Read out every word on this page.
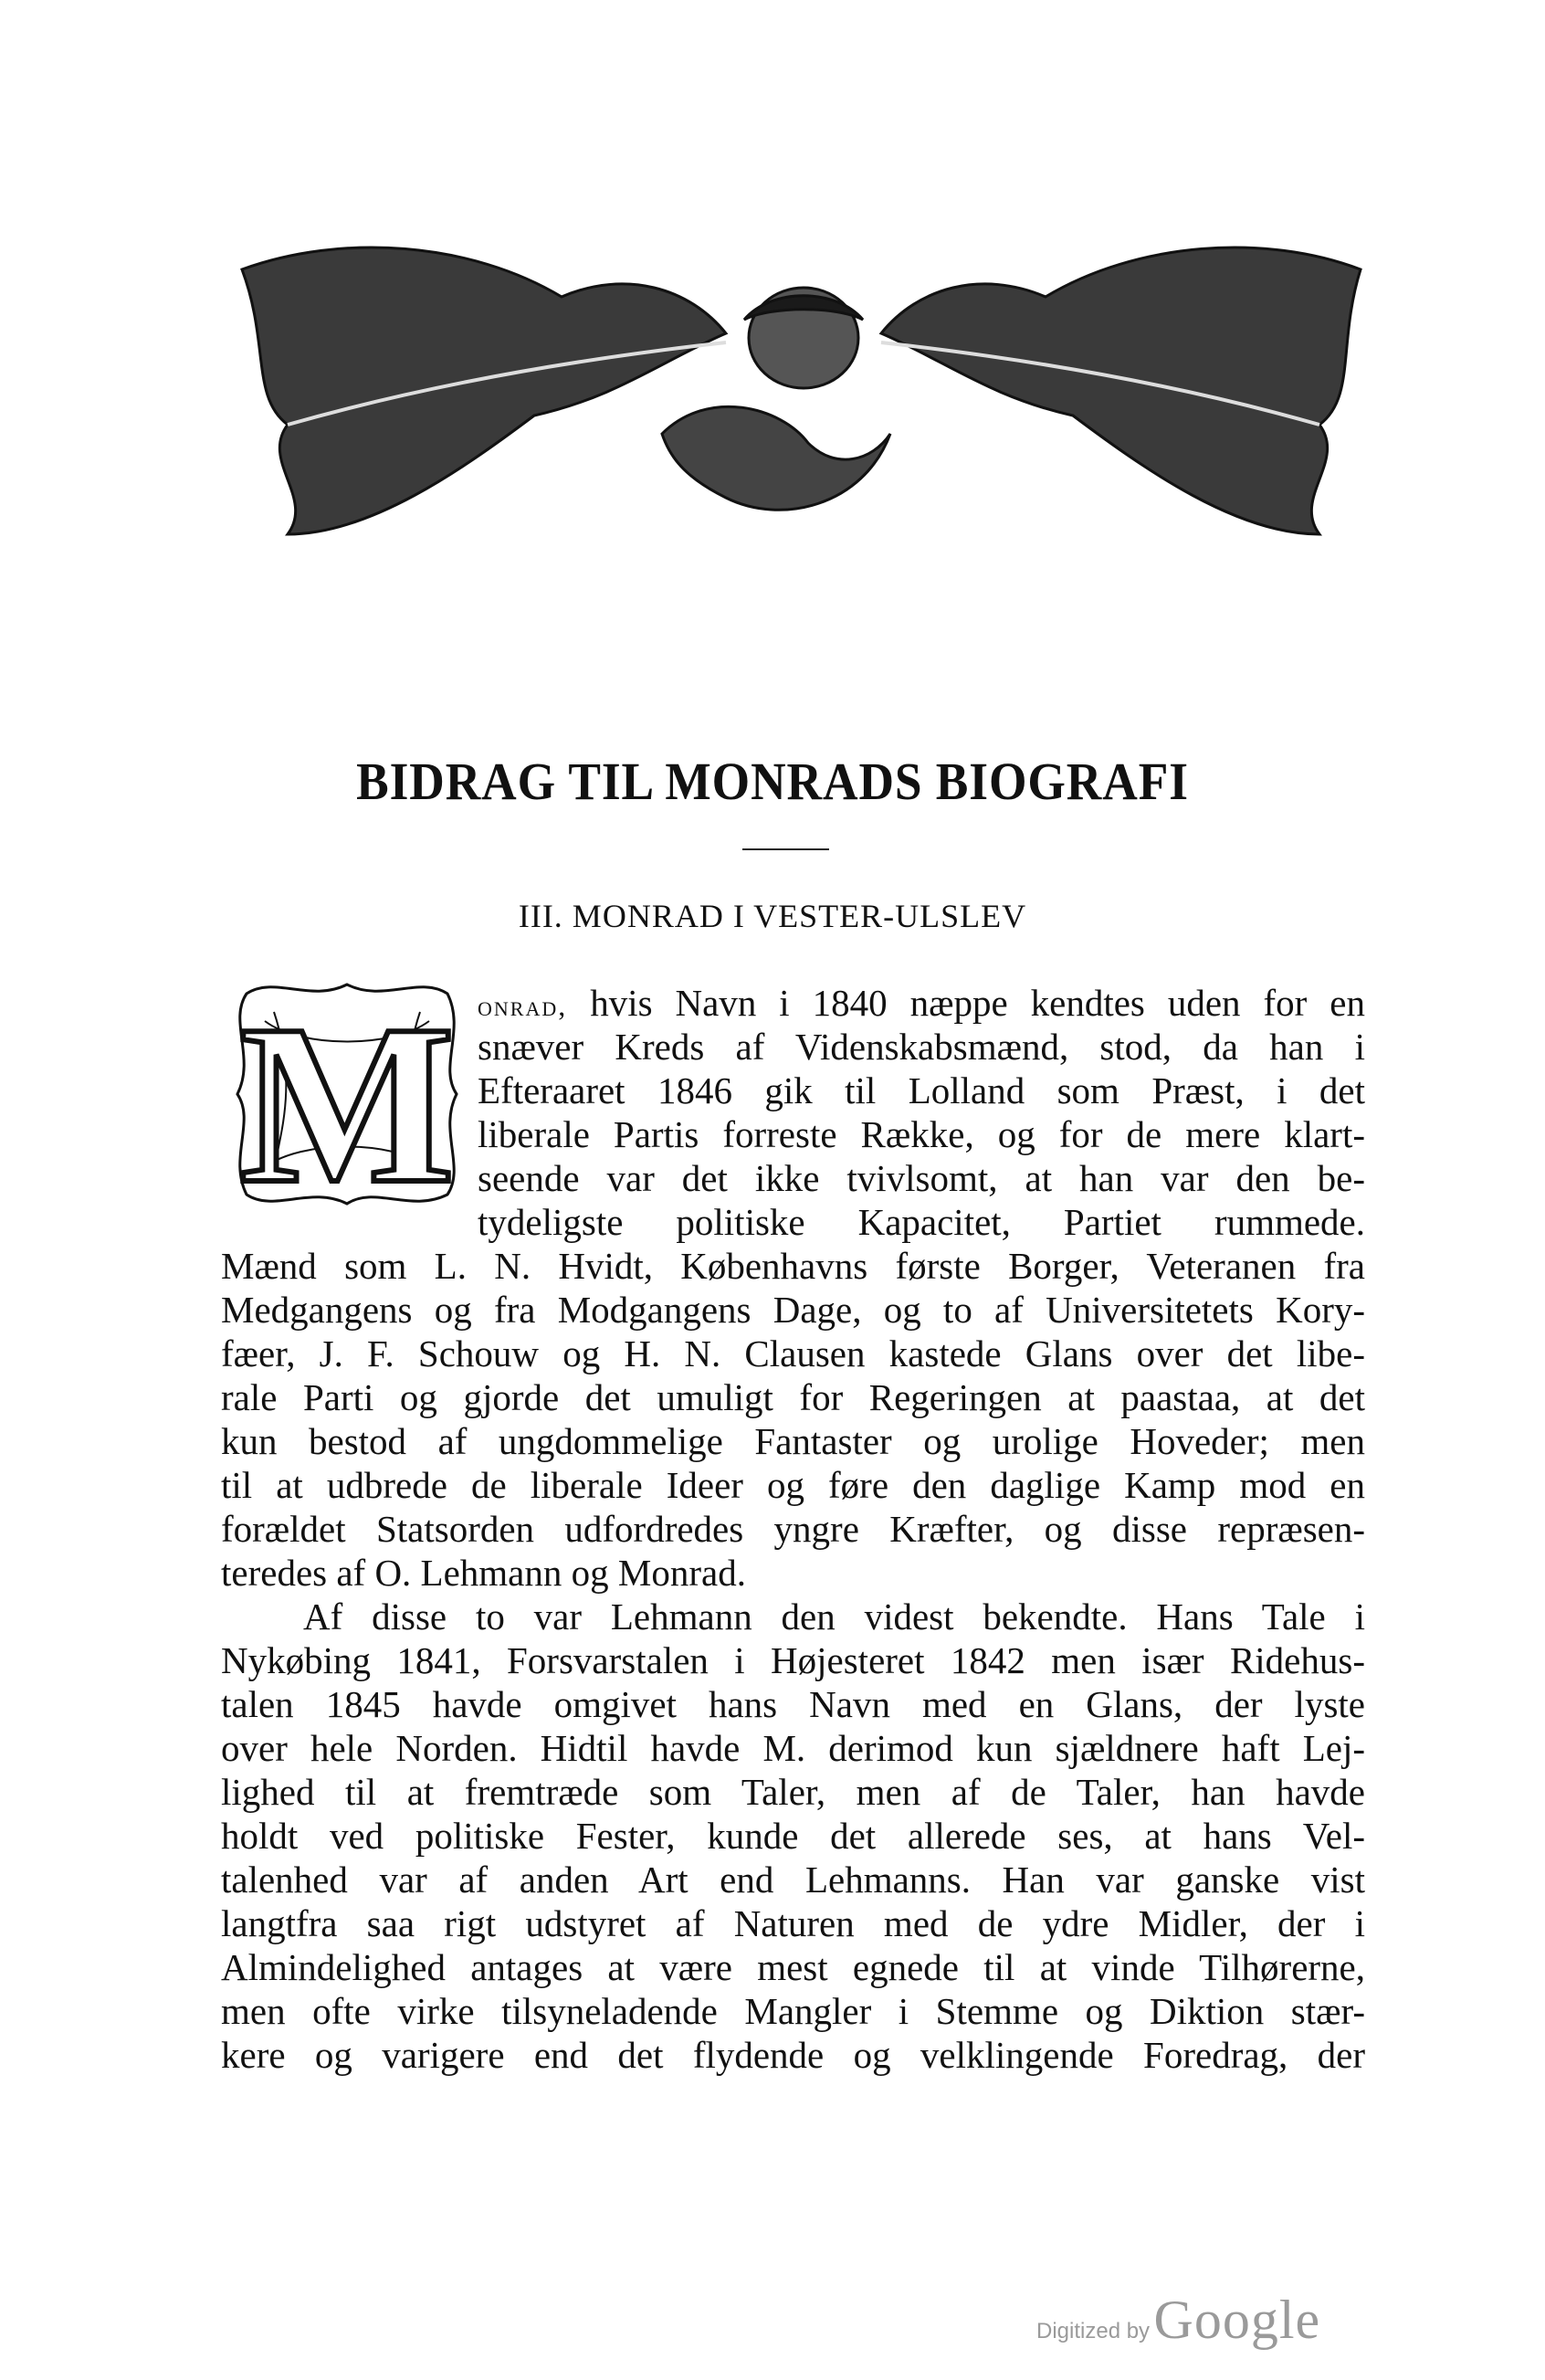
BIDRAG TIL MONRADS BIOGRAFI
III. MONRAD I VESTER-ULSLEV
M onrad, hvis Navn i 1840 næppe kendtes uden for en
snæver Kreds af Videnskabsmænd, stod, da han i
Efteraaret 1846 gik til Lolland som Præst, i det
liberale Partis forreste Række, og for de mere klart-
seende var det ikke tvivlsomt, at han var den be-
tydeligste politiske Kapacitet, Partiet rummede.
Mænd som L. N. Hvidt, Københavns første Borger, Veteranen fra
Medgangens og fra Modgangens Dage, og to af Universitetets Kory-
fæer, J. F. Schouw og H. N. Clausen kastede Glans over det libe-
rale Parti og gjorde det umuligt for Regeringen at paastaa, at det
kun bestod af ungdommelige Fantaster og urolige Hoveder; men
til at udbrede de liberale Ideer og føre den daglige Kamp mod en
forældet Statsorden udfordredes yngre Kræfter, og disse repræsen-
teredes af O. Lehmann og Monrad.
Af disse to var Lehmann den videst bekendte. Hans Tale i
Nykøbing 1841, Forsvarstalen i Højesteret 1842 men især Ridehus-
talen 1845 havde omgivet hans Navn med en Glans, der lyste
over hele Norden. Hidtil havde M. derimod kun sjældnere haft Lej-
lighed til at fremtræde som Taler, men af de Taler, han havde
holdt ved politiske Fester, kunde det allerede ses, at hans Vel-
talenhed var af anden Art end Lehmanns. Han var ganske vist
langtfra saa rigt udstyret af Naturen med de ydre Midler, der i
Almindelighed antages at være mest egnede til at vinde Tilhørerne,
men ofte virke tilsyneladende Mangler i Stemme og Diktion stær-
kere og varigere end det flydende og velklingende Foredrag, der
Digitized by Google
